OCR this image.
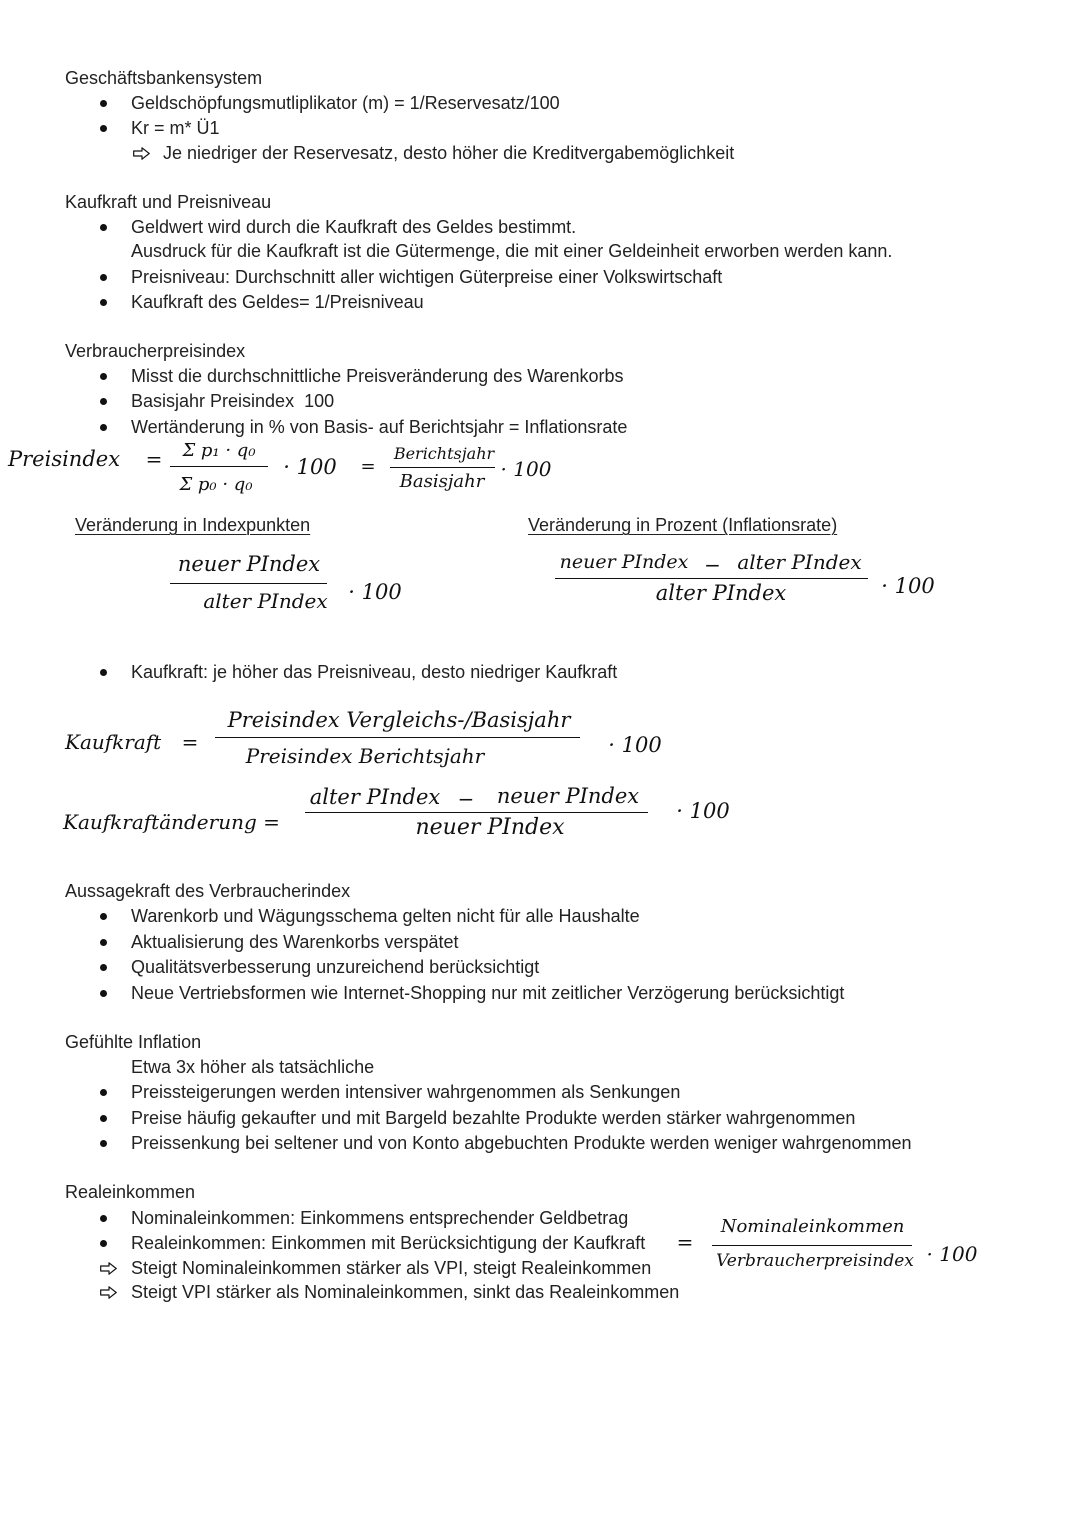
Geschäftsbankensystem
Geldschöpfungsmutliplikator (m) = 1/Reservesatz/100
Kr = m* Ü1
Je niedriger der Reservesatz, desto höher die Kreditvergabemöglichkeit
Kaufkraft und Preisniveau
Geldwert wird durch die Kaufkraft des Geldes bestimmt.
Ausdruck für die Kaufkraft ist die Gütermenge, die mit einer Geldeinheit erworben werden kann.
Preisniveau: Durchschnitt aller wichtigen Güterpreise einer Volkswirtschaft
Kaufkraft des Geldes= 1/Preisniveau
Verbraucherpreisindex
Misst die durchschnittliche Preisveränderung des Warenkorbs
Basisjahr Preisindex  100
Wertänderung in % von Basis- auf Berichtsjahr = Inflationsrate
Preisindex =	Σ p₁ · q₀
Σ p₀ · q₀
· 100 =
Berichtsjahr
Basisjahr
· 100
Veränderung in Indexpunkten
neuer PIndex
alter PIndex · 100
Veränderung in Prozent (Inflationsrate)
neuer PIndex − alter PIndex
alter PIndex	· 100
Kaufkraft: je höher das Preisniveau, desto niedriger Kaufkraft
Kaufkraft	=
Preisindex Vergleichs-/Basisjahr
Preisindex Berichtsjahr	· 100
Kaufkraftänderung =
alter PIndex −	neuer PIndex
neuer PIndex
· 100
Aussagekraft des Verbraucherindex
Warenkorb und Wägungsschema gelten nicht für alle Haushalte
Aktualisierung des Warenkorbs verspätet
Qualitätsverbesserung unzureichend berücksichtigt
Neue Vertriebsformen wie Internet-Shopping nur mit zeitlicher Verzögerung berücksichtigt
Gefühlte Inflation
Etwa 3x höher als tatsächliche
Preissteigerungen werden intensiver wahrgenommen als Senkungen
Preise häufig gekaufter und mit Bargeld bezahlte Produkte werden stärker wahrgenommen
Preissenkung bei seltener und von Konto abgebuchten Produkte werden weniger wahrgenommen
Realeinkommen
Nominaleinkommen: Einkommens entsprechender Geldbetrag
Realeinkommen: Einkommen mit Berücksichtigung der Kaufkraft
Steigt Nominaleinkommen stärker als VPI, steigt Realeinkommen
Steigt VPI stärker als Nominaleinkommen, sinkt das Realeinkommen
=
Nominaleinkommen
Verbraucherpreisindex · 100
